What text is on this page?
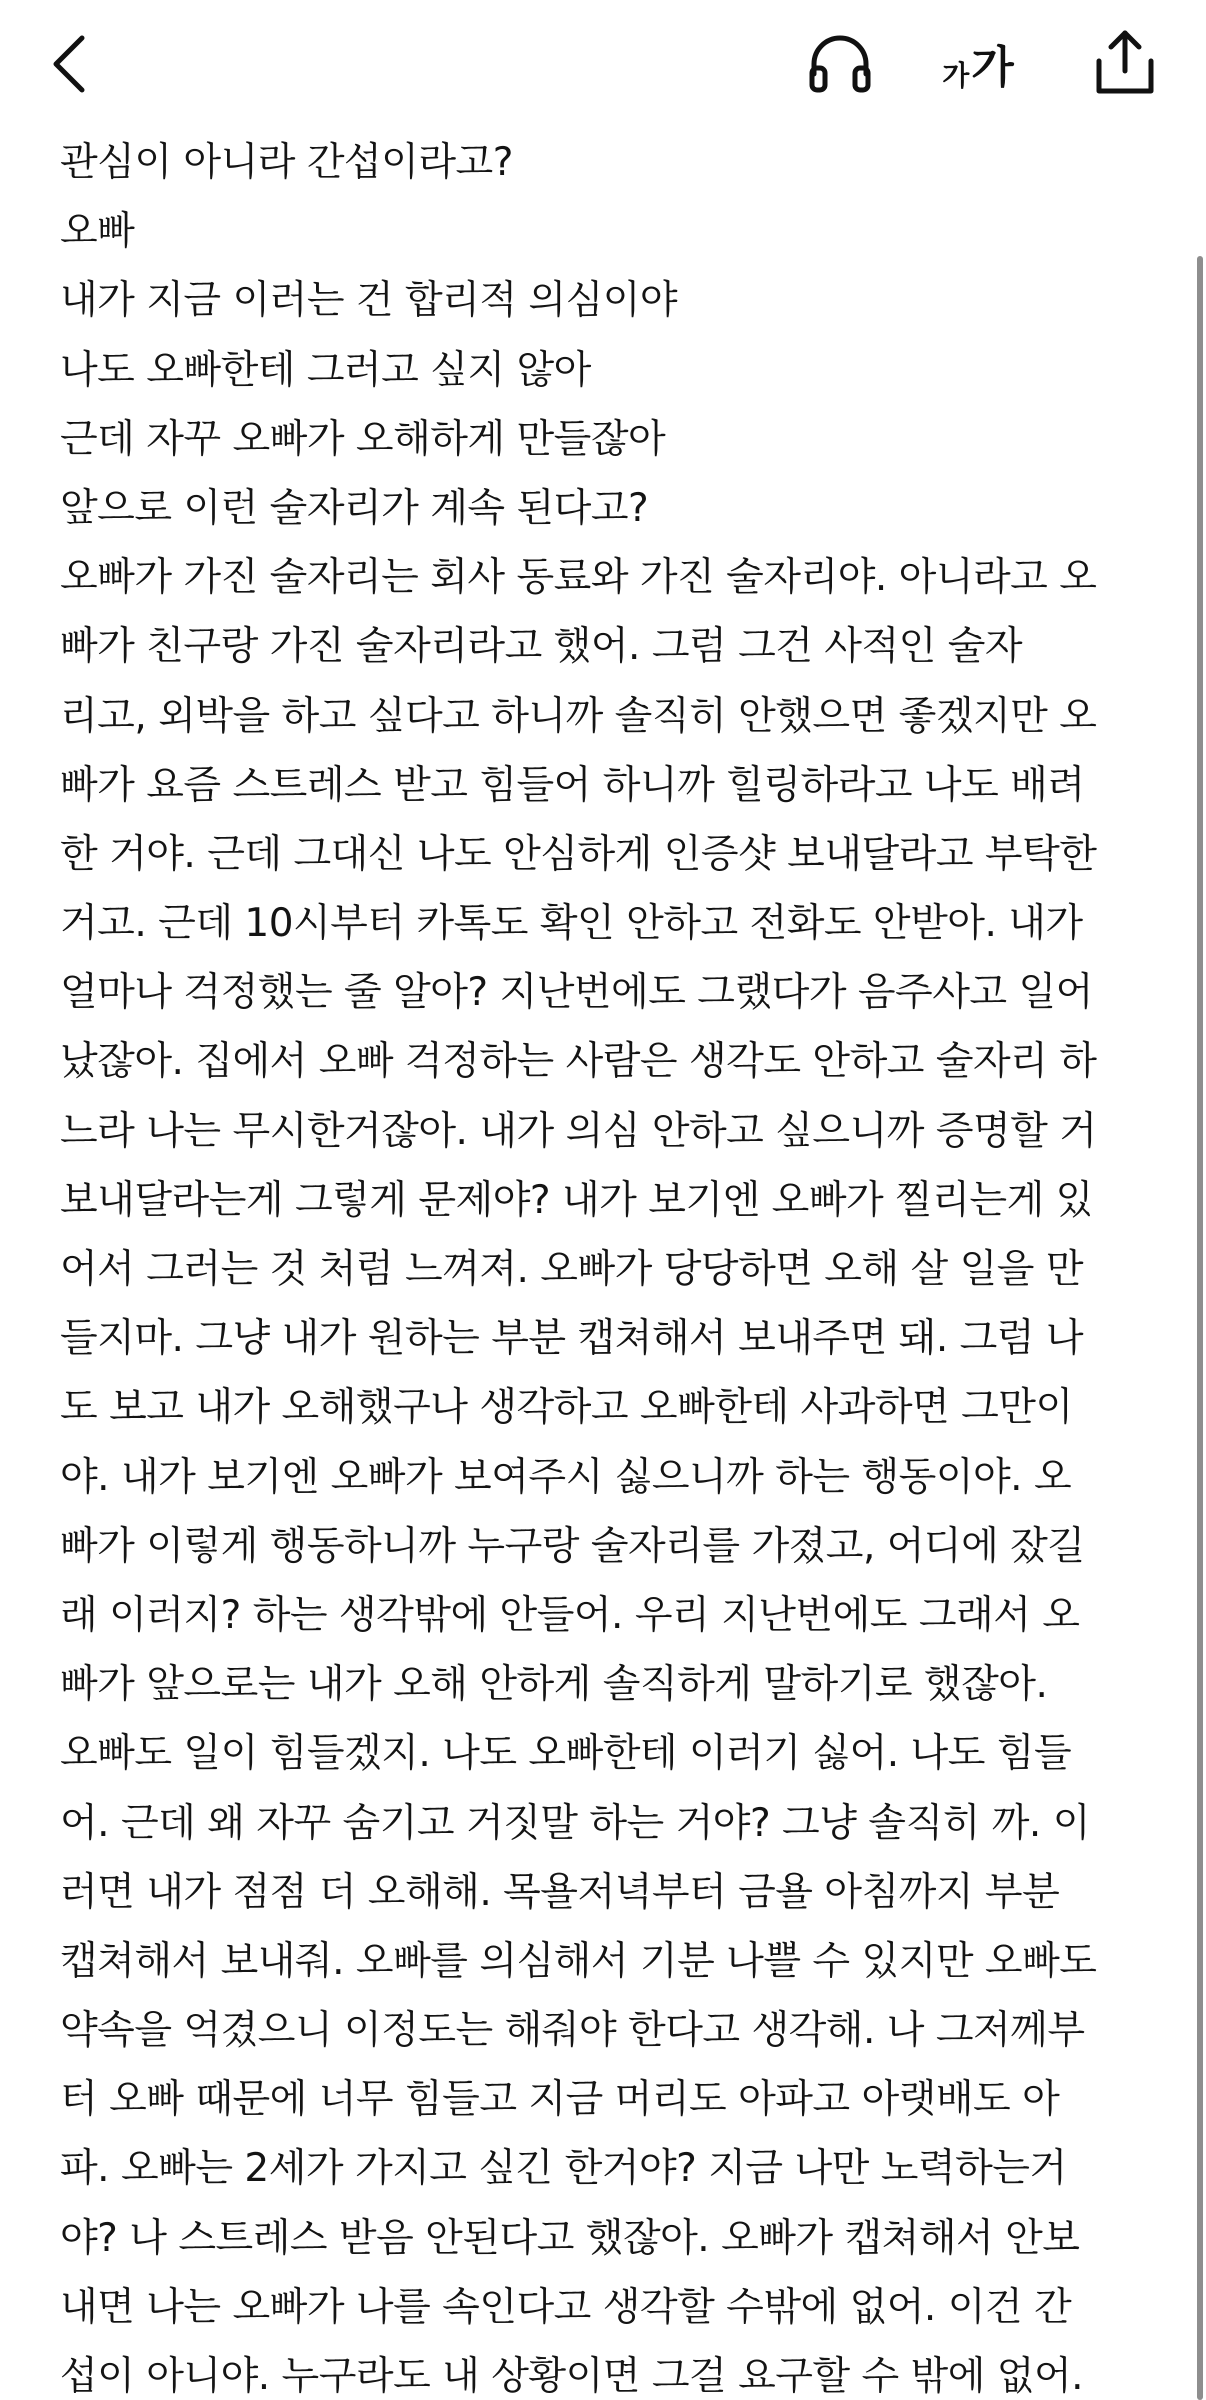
가 가
관심이 아니라 간섭이라고?
오빠
내가 지금 이러는 건 합리적 의심이야
나도 오빠한테 그러고 싶지 않아
근데 자꾸 오빠가 오해하게 만들잖아
앞으로 이런 술자리가 계속 된다고?
오빠가 가진 술자리는 회사 동료와 가진 술자리야. 아니라고 오
빠가 친구랑 가진 술자리라고 했어. 그럼 그건 사적인 술자
리고, 외박을 하고 싶다고 하니까 솔직히 안했으면 좋겠지만 오
빠가 요즘 스트레스 받고 힘들어 하니까 힐링하라고 나도 배려
한 거야. 근데 그대신 나도 안심하게 인증샷 보내달라고 부탁한
거고. 근데 10시부터 카톡도 확인 안하고 전화도 안받아. 내가
얼마나 걱정했는 줄 알아? 지난번에도 그랬다가 음주사고 일어
났잖아. 집에서 오빠 걱정하는 사람은 생각도 안하고 술자리 하
느라 나는 무시한거잖아. 내가 의심 안하고 싶으니까 증명할 거
보내달라는게 그렇게 문제야? 내가 보기엔 오빠가 찔리는게 있
어서 그러는 것 처럼 느껴져. 오빠가 당당하면 오해 살 일을 만
들지마. 그냥 내가 원하는 부분 캡쳐해서 보내주면 돼. 그럼 나
도 보고 내가 오해했구나 생각하고 오빠한테 사과하면 그만이
야. 내가 보기엔 오빠가 보여주시 싫으니까 하는 행동이야. 오
빠가 이렇게 행동하니까 누구랑 술자리를 가졌고, 어디에 잤길
래 이러지? 하는 생각밖에 안들어. 우리 지난번에도 그래서 오
빠가 앞으로는 내가 오해 안하게 솔직하게 말하기로 했잖아.
오빠도 일이 힘들겠지. 나도 오빠한테 이러기 싫어. 나도 힘들
어. 근데 왜 자꾸 숨기고 거짓말 하는 거야? 그냥 솔직히 까. 이
러면 내가 점점 더 오해해. 목욜저녁부터 금욜 아침까지 부분
캡쳐해서 보내줘. 오빠를 의심해서 기분 나쁠 수 있지만 오빠도
약속을 억겼으니 이정도는 해줘야 한다고 생각해. 나 그저께부
터 오빠 때문에 너무 힘들고 지금 머리도 아파고 아랫배도 아
파. 오빠는 2세가 가지고 싶긴 한거야? 지금 나만 노력하는거
야? 나 스트레스 받음 안된다고 했잖아. 오빠가 캡쳐해서 안보
내면 나는 오빠가 나를 속인다고 생각할 수밖에 없어. 이건 간
섭이 아니야. 누구라도 내 상황이면 그걸 요구할 수 밖에 없어.
